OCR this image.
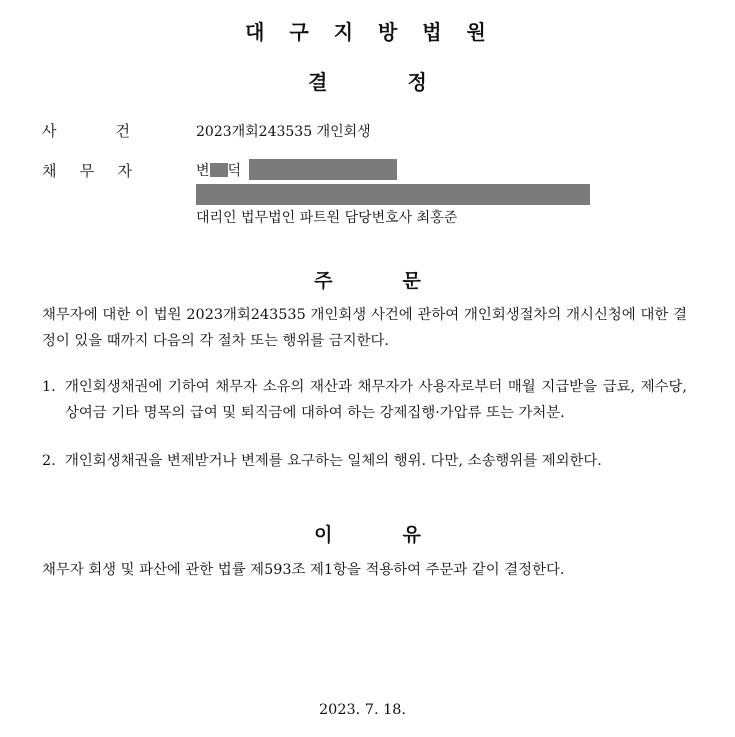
대 구 지 방 법 원
결	정
사	건	2023개회243535 개인회생
채 무 자	변 덕
대리인 법무법인 파트원 담당변호사 최홍준
주	문
채무자에 대한 이 법원 2023개회243535 개인회생 사건에 관하여 개인회생절차의 개시신청에 대한 결정이 있을 때까지 다음의 각 절차 또는 행위를 금지한다.
1. 개인회생채권에 기하여 채무자 소유의 재산과 채무자가 사용자로부터 매월 지급받을 급료, 제수당, 상여금 기타 명목의 급여 및 퇴직금에 대하여 하는 강제집행·가압류 또는 가처분.
2. 개인회생채권을 변제받거나 변제를 요구하는 일체의 행위. 다만, 소송행위를 제외한다.
이	유
채무자 회생 및 파산에 관한 법률 제593조 제1항을 적용하여 주문과 같이 결정한다.
2023. 7. 18.
